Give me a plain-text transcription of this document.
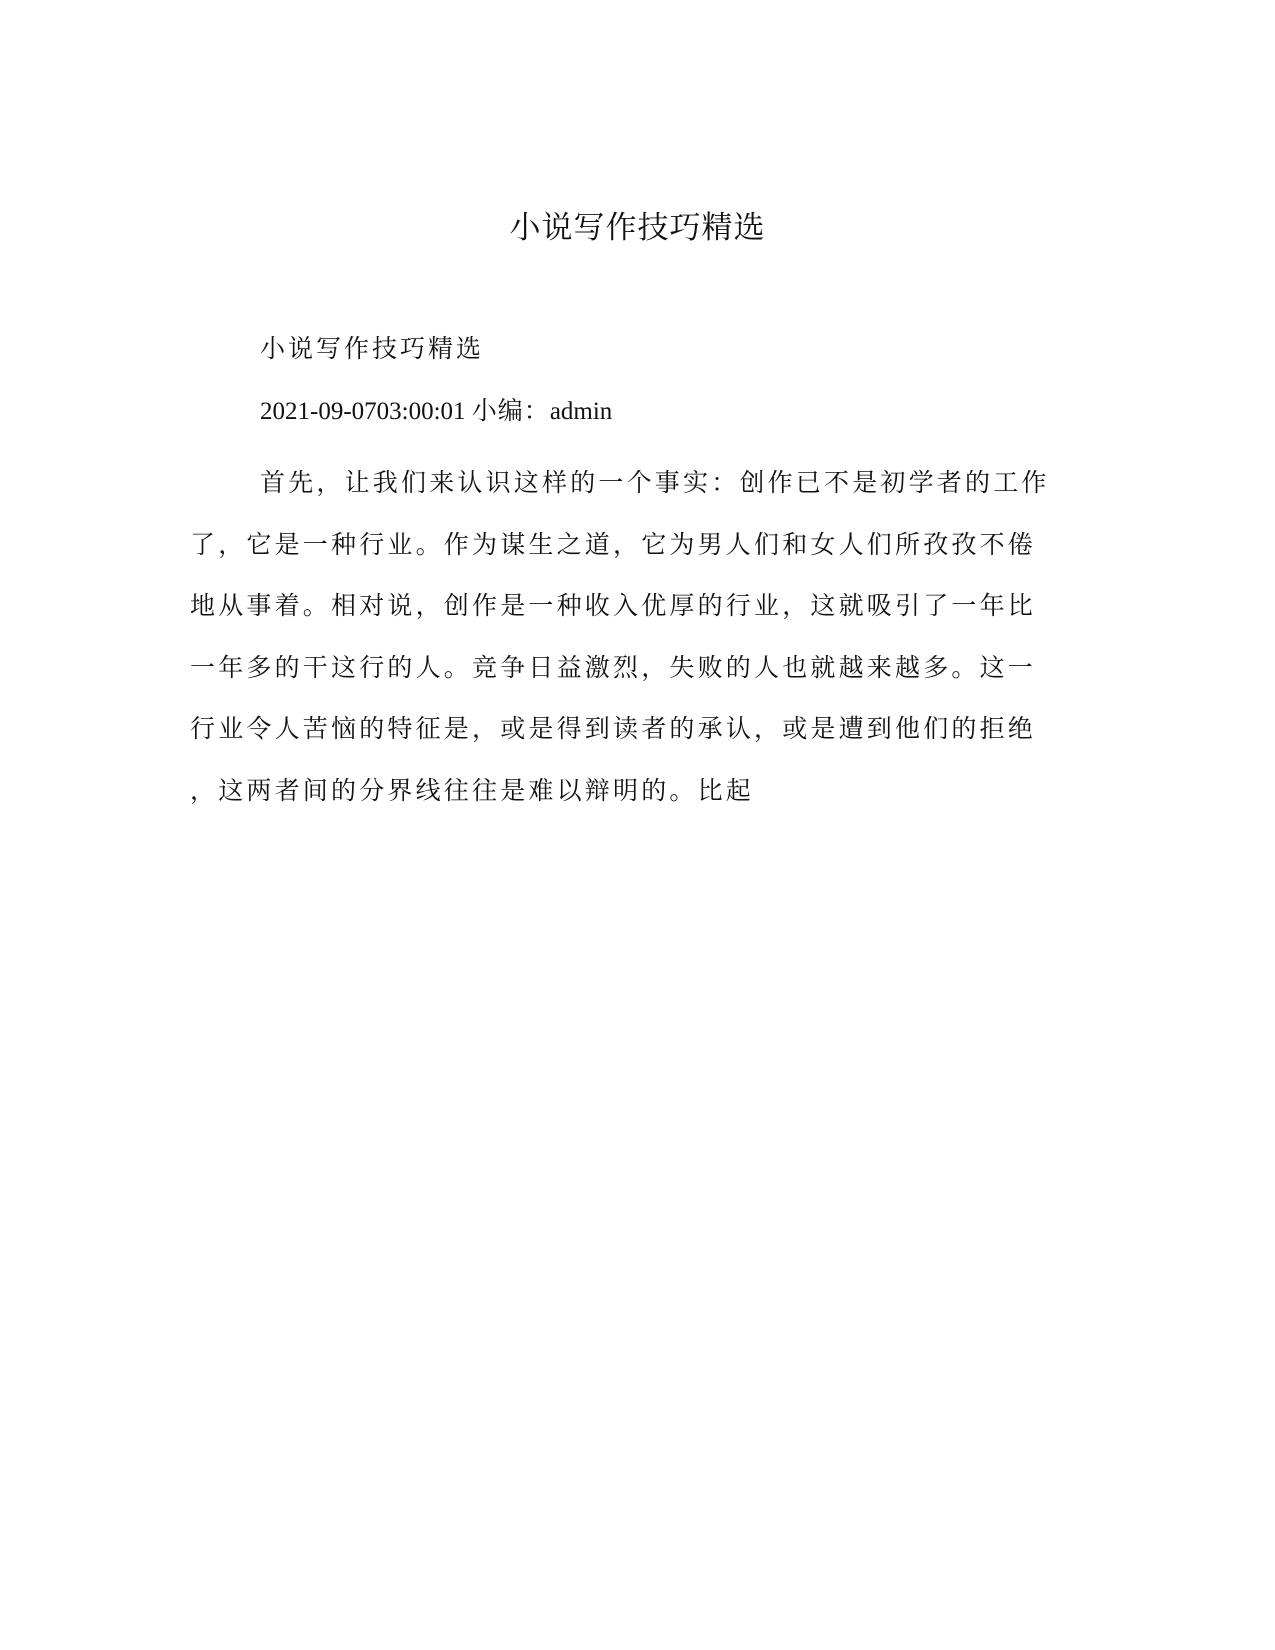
小说写作技巧精选
小说写作技巧精选
2021-09-0703:00:01 小编：admin
首先，让我们来认识这样的一个事实：创作已不是初学者的工作
了，它是一种行业。作为谋生之道，它为男人们和女人们所孜孜不倦
地从事着。相对说，创作是一种收入优厚的行业，这就吸引了一年比
一年多的干这行的人。竞争日益激烈，失败的人也就越来越多。这一
行业令人苦恼的特征是，或是得到读者的承认，或是遭到他们的拒绝
，这两者间的分界线往往是难以辩明的。比起
